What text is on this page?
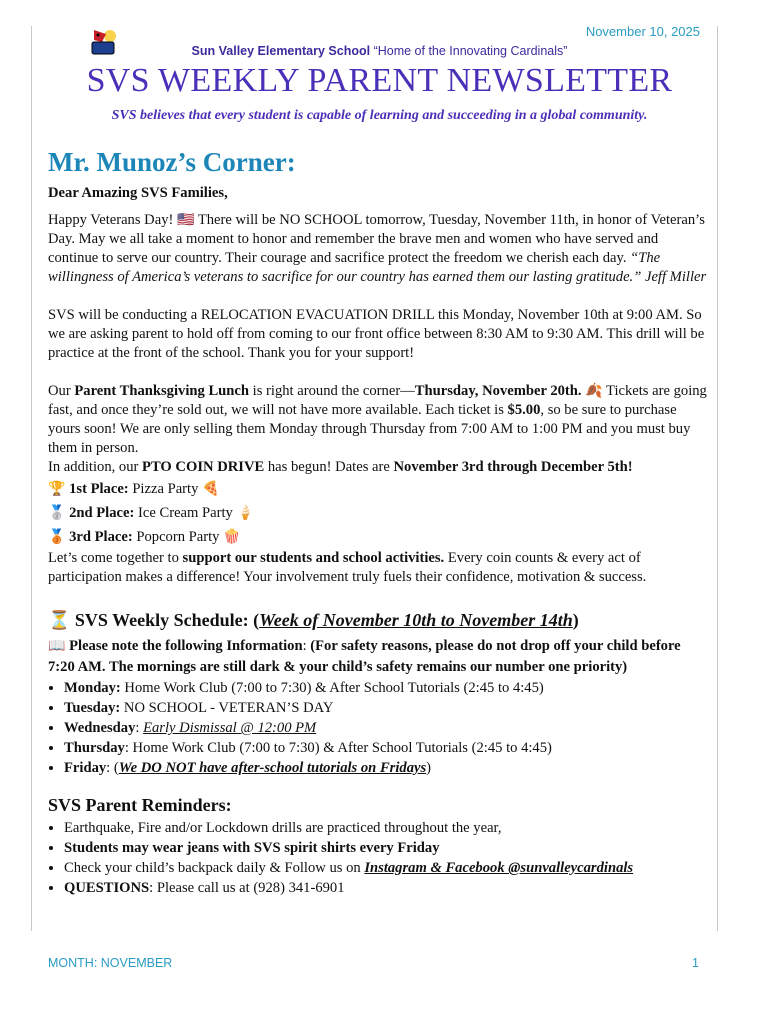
November 10, 2025
Sun Valley Elementary School “Home of the Innovating Cardinals”
SVS WEEKLY PARENT NEWSLETTER
SVS believes that every student is capable of learning and succeeding in a global community.
Mr. Munoz’s Corner:

Dear Amazing SVS Families,

Happy Veterans Day! 🇺🇸 There will be NO SCHOOL tomorrow, Tuesday, November 11th, in honor of Veteran’s Day. May we all take a moment to honor and remember the brave men and women who have served and continue to serve our country. Their courage and sacrifice protect the freedom we cherish each day. “The willingness of America’s veterans to sacrifice for our country has earned them our lasting gratitude.” Jeff Miller

SVS will be conducting a RELOCATION EVACUATION DRILL this Monday, November 10th at 9:00 AM. So we are asking parent to hold off from coming to our front office between 8:30 AM to 9:30 AM. This drill will be practice at the front of the school. Thank you for your support!

Our Parent Thanksgiving Lunch is right around the corner—Thursday, November 20th. 🍂 Tickets are going fast, and once they’re sold out, we will not have more available. Each ticket is $5.00, so be sure to purchase yours soon! We are only selling them Monday through Thursday from 7:00 AM to 1:00 PM and you must buy them in person.

In addition, our PTO COIN DRIVE has begun! Dates are November 3rd through December 5th!

🏆 1st Place: Pizza Party 🍕

🥈 2nd Place: Ice Cream Party 🍦

🥉 3rd Place: Popcorn Party 🍿

Let’s come together to support our students and school activities. Every coin counts & every act of participation makes a difference! Your involvement truly fuels their confidence, motivation & success.

⏳ SVS Weekly Schedule: (Week of November 10th to November 14th)

📖 Please note the following Information: (For safety reasons, please do not drop off your child before 7:20 AM. The mornings are still dark & your child’s safety remains our number one priority)

• Monday: Home Work Club (7:00 to 7:30) & After School Tutorials (2:45 to 4:45)
• Tuesday: NO SCHOOL - VETERAN’S DAY
• Wednesday: Early Dismissal @ 12:00 PM
• Thursday: Home Work Club (7:00 to 7:30) & After School Tutorials (2:45 to 4:45)
• Friday: (We DO NOT have after-school tutorials on Fridays)
SVS Parent Reminders:
• Earthquake, Fire and/or Lockdown drills are practiced throughout the year,
• Students may wear jeans with SVS spirit shirts every Friday
• Check your child’s backpack daily & Follow us on Instagram & Facebook @sunvalleycardinals
• QUESTIONS: Please call us at (928) 341-6901
MONTH: NOVEMBER	1
